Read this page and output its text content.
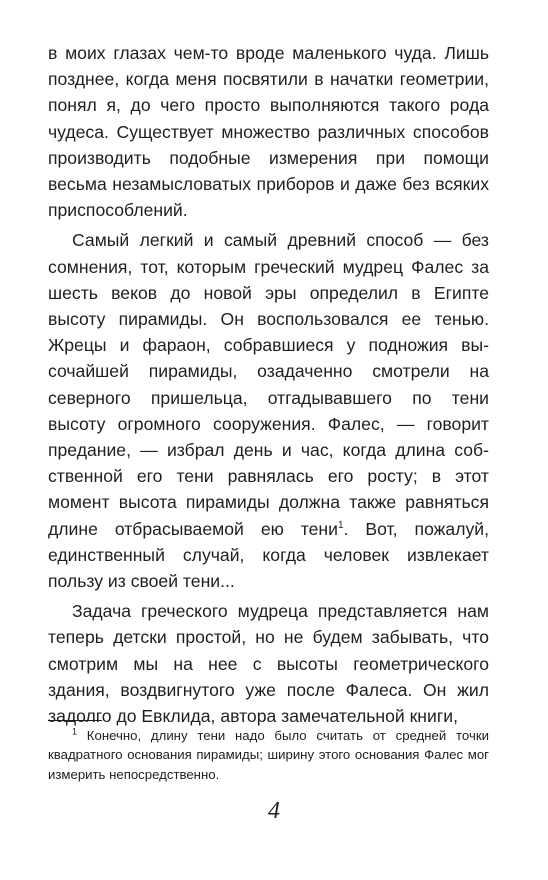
в моих глазах чем-то вроде маленького чуда. Лишь позднее, когда меня посвятили в начатки геометрии, понял я, до чего просто выполняются такого рода чудеса. Существует множество различных способов производить подобные измерения при помощи весьма незамысловатых приборов и даже без всяких приспособлений.

Самый легкий и самый древний способ — без сомнения, тот, которым греческий мудрец Фалес за шесть веков до новой эры определил в Египте высоту пирамиды. Он воспользовался ее тенью. Жрецы и фараон, собравшиеся у подножия высочайшей пирамиды, озадаченно смотрели на северного пришельца, отгадывавшего по тени высоту огромного сооружения. Фалес, — говорит предание, — избрал день и час, когда длина собственной его тени равнялась его росту; в этот момент высота пирамиды должна также равняться длине отбрасываемой ею тени$^1$. Вот, пожалуй, единственный случай, когда человек извлекает пользу из своей тени...

Задача греческого мудреца представляется нам теперь детски простой, но не будем забывать, что смотрим мы на нее с высоты геометрического здания, воздвигнутого уже после Фалеса. Он жил задолго до Евклида, автора замечательной книги,

$^1$ Конечно, длину тени надо было считать от средней точки квадратного основания пирамиды; ширину этого основания Фалес мог измерить непосредственно.

4
